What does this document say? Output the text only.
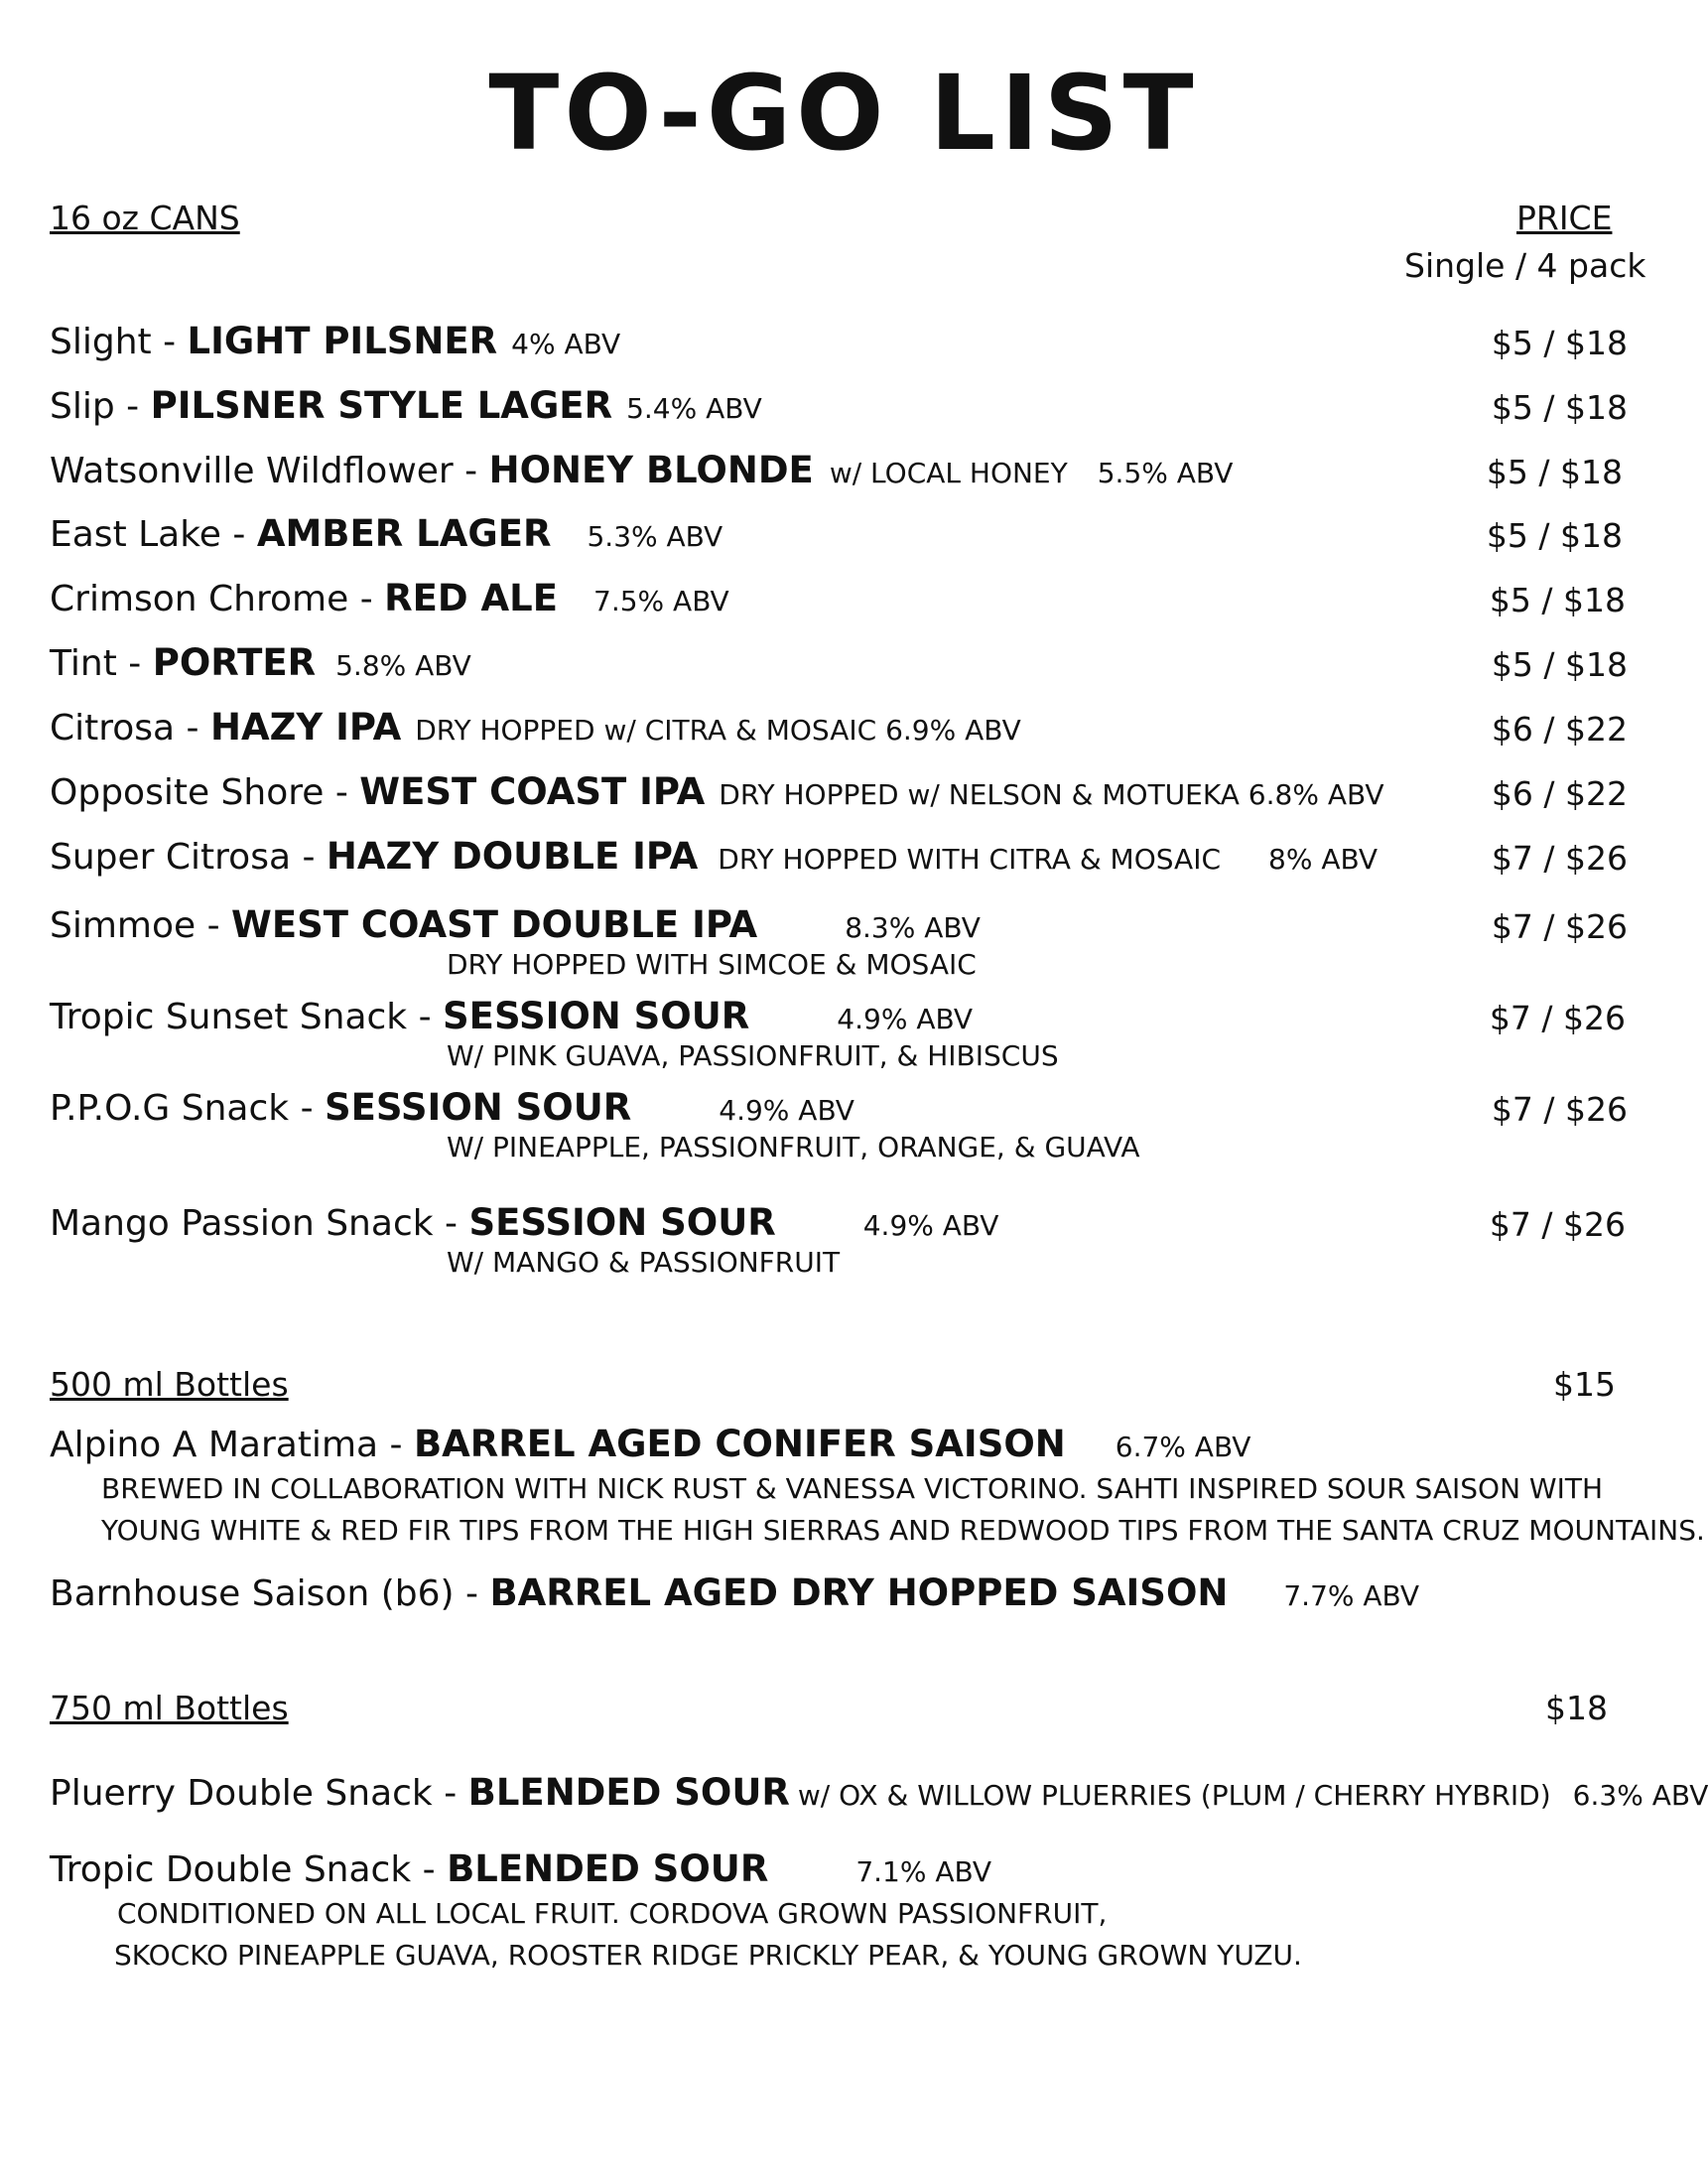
TO-GO LIST
16 oz CANS	PRICE
Single / 4 pack
Slight - LIGHT PILSNER 4% ABV	$5 / $18
Slip - PILSNER STYLE LAGER 5.4% ABV	$5 / $18
Watsonville Wildflower - HONEY BLONDE w/ LOCAL HONEY 5.5% ABV	$5 / $18
East Lake - AMBER LAGER 5.3% ABV	$5 / $18
Crimson Chrome - RED ALE 7.5% ABV	$5 / $18
Tint - PORTER 5.8% ABV	$5 / $18
Citrosa - HAZY IPA DRY HOPPED w/ CITRA & MOSAIC 6.9% ABV	$6 / $22
Opposite Shore - WEST COAST IPA DRY HOPPED w/ NELSON & MOTUEKA 6.8% ABV	$6 / $22
Super Citrosa - HAZY DOUBLE IPA DRY HOPPED WITH CITRA & MOSAIC 8% ABV	$7 / $26
Simmoe - WEST COAST DOUBLE IPA	8.3% ABV	$7 / $26
DRY HOPPED WITH SIMCOE & MOSAIC
Tropic Sunset Snack - SESSION SOUR	4.9% ABV	$7 / $26
W/ PINK GUAVA, PASSIONFRUIT, & HIBISCUS
P.P.O.G Snack - SESSION SOUR	4.9% ABV	$7 / $26
W/ PINEAPPLE, PASSIONFRUIT, ORANGE, & GUAVA
Mango Passion Snack - SESSION SOUR	4.9% ABV	$7 / $26
W/ MANGO & PASSIONFRUIT
500 ml Bottles	$15
Alpino A Maratima - BARREL AGED CONIFER SAISON 6.7% ABV
BREWED IN COLLABORATION WITH NICK RUST & VANESSA VICTORINO. SAHTI INSPIRED SOUR SAISON WITH
YOUNG WHITE & RED FIR TIPS FROM THE HIGH SIERRAS AND REDWOOD TIPS FROM THE SANTA CRUZ MOUNTAINS.
Barnhouse Saison (b6) - BARREL AGED DRY HOPPED SAISON 7.7% ABV
750 ml Bottles	$18
Pluerry Double Snack - BLENDED SOUR w/ OX & WILLOW PLUERRIES (PLUM / CHERRY HYBRID) 6.3% ABV
Tropic Double Snack - BLENDED SOUR	7.1% ABV
CONDITIONED ON ALL LOCAL FRUIT. CORDOVA GROWN PASSIONFRUIT,
SKOCKO PINEAPPLE GUAVA, ROOSTER RIDGE PRICKLY PEAR, & YOUNG GROWN YUZU.
